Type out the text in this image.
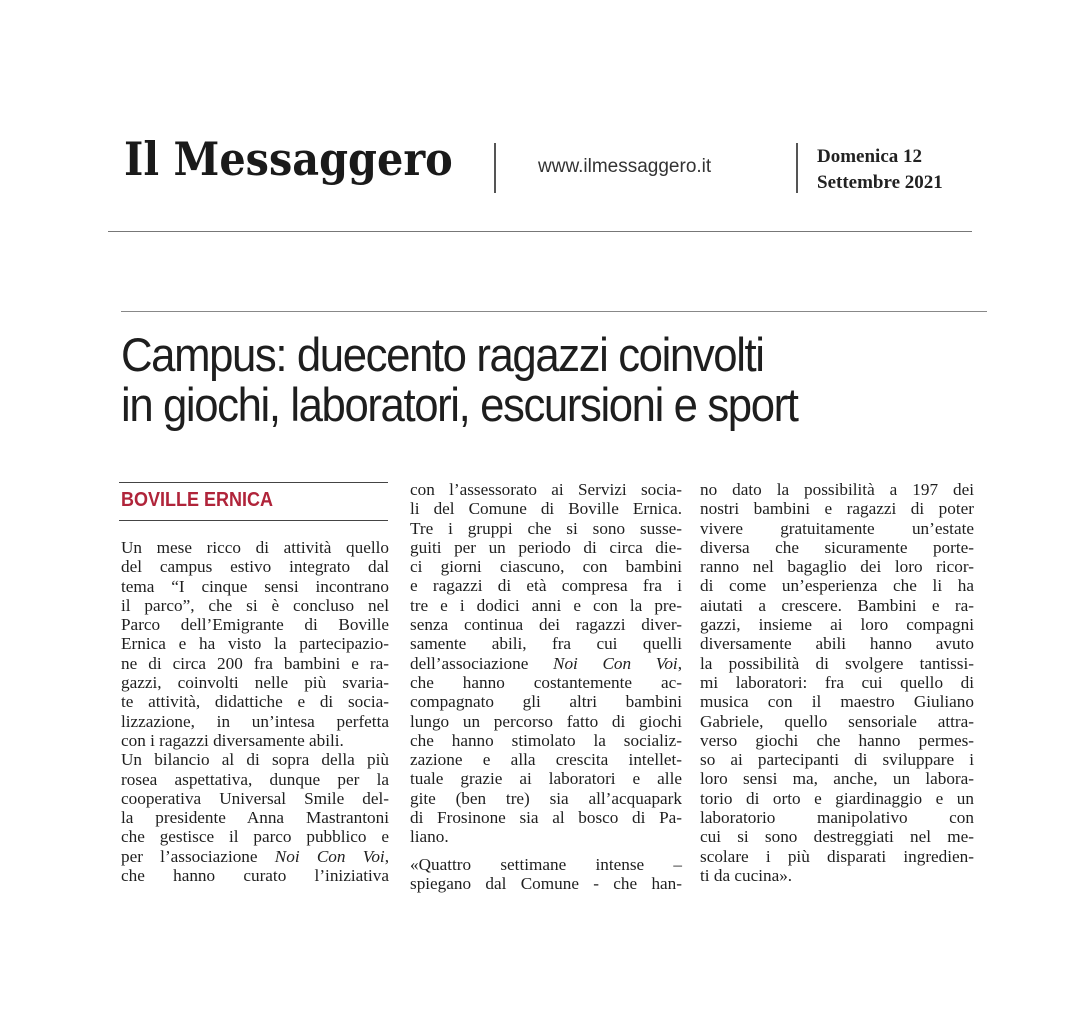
Il Messaggero	www.ilmessaggero.it	Domenica 12
Settembre 2021
Campus: duecento ragazzi coinvolti
in giochi, laboratori, escursioni e sport
BOVILLE ERNICA
Un mese ricco di attività quello
del campus estivo integrato dal
tema “I cinque sensi incontrano
il parco”, che si è concluso nel
Parco dell’Emigrante di Boville
Ernica e ha visto la partecipazio-
ne di circa 200 fra bambini e ra-
gazzi, coinvolti nelle più svaria-
te attività, didattiche e di socia-
lizzazione, in un’intesa perfetta
con i ragazzi diversamente abili.
Un bilancio al di sopra della più
rosea aspettativa, dunque per la
cooperativa Universal Smile del-
la presidente Anna Mastrantoni
che gestisce il parco pubblico e
per l’associazione Noi Con Voi,
che hanno curato l’iniziativa
con l’assessorato ai Servizi socia-
li del Comune di Boville Ernica.
Tre i gruppi che si sono susse-
guiti per un periodo di circa die-
ci giorni ciascuno, con bambini
e ragazzi di età compresa fra i
tre e i dodici anni e con la pre-
senza continua dei ragazzi diver-
samente abili, fra cui quelli
dell’associazione Noi Con Voi,
che hanno costantemente ac-
compagnato gli altri bambini
lungo un percorso fatto di giochi
che hanno stimolato la socializ-
zazione e alla crescita intellet-
tuale grazie ai laboratori e alle
gite (ben tre) sia all’acquapark
di Frosinone sia al bosco di Pa-
liano.
«Quattro settimane intense –
spiegano dal Comune - che han-
no dato la possibilità a 197 dei
nostri bambini e ragazzi di poter
vivere gratuitamente un’estate
diversa che sicuramente porte-
ranno nel bagaglio dei loro ricor-
di come un’esperienza che li ha
aiutati a crescere. Bambini e ra-
gazzi, insieme ai loro compagni
diversamente abili hanno avuto
la possibilità di svolgere tantissi-
mi laboratori: fra cui quello di
musica con il maestro Giuliano
Gabriele, quello sensoriale attra-
verso giochi che hanno permes-
so ai partecipanti di sviluppare i
loro sensi ma, anche, un labora-
torio di orto e giardinaggio e un
laboratorio manipolativo con
cui si sono destreggiati nel me-
scolare i più disparati ingredien-
ti da cucina».
